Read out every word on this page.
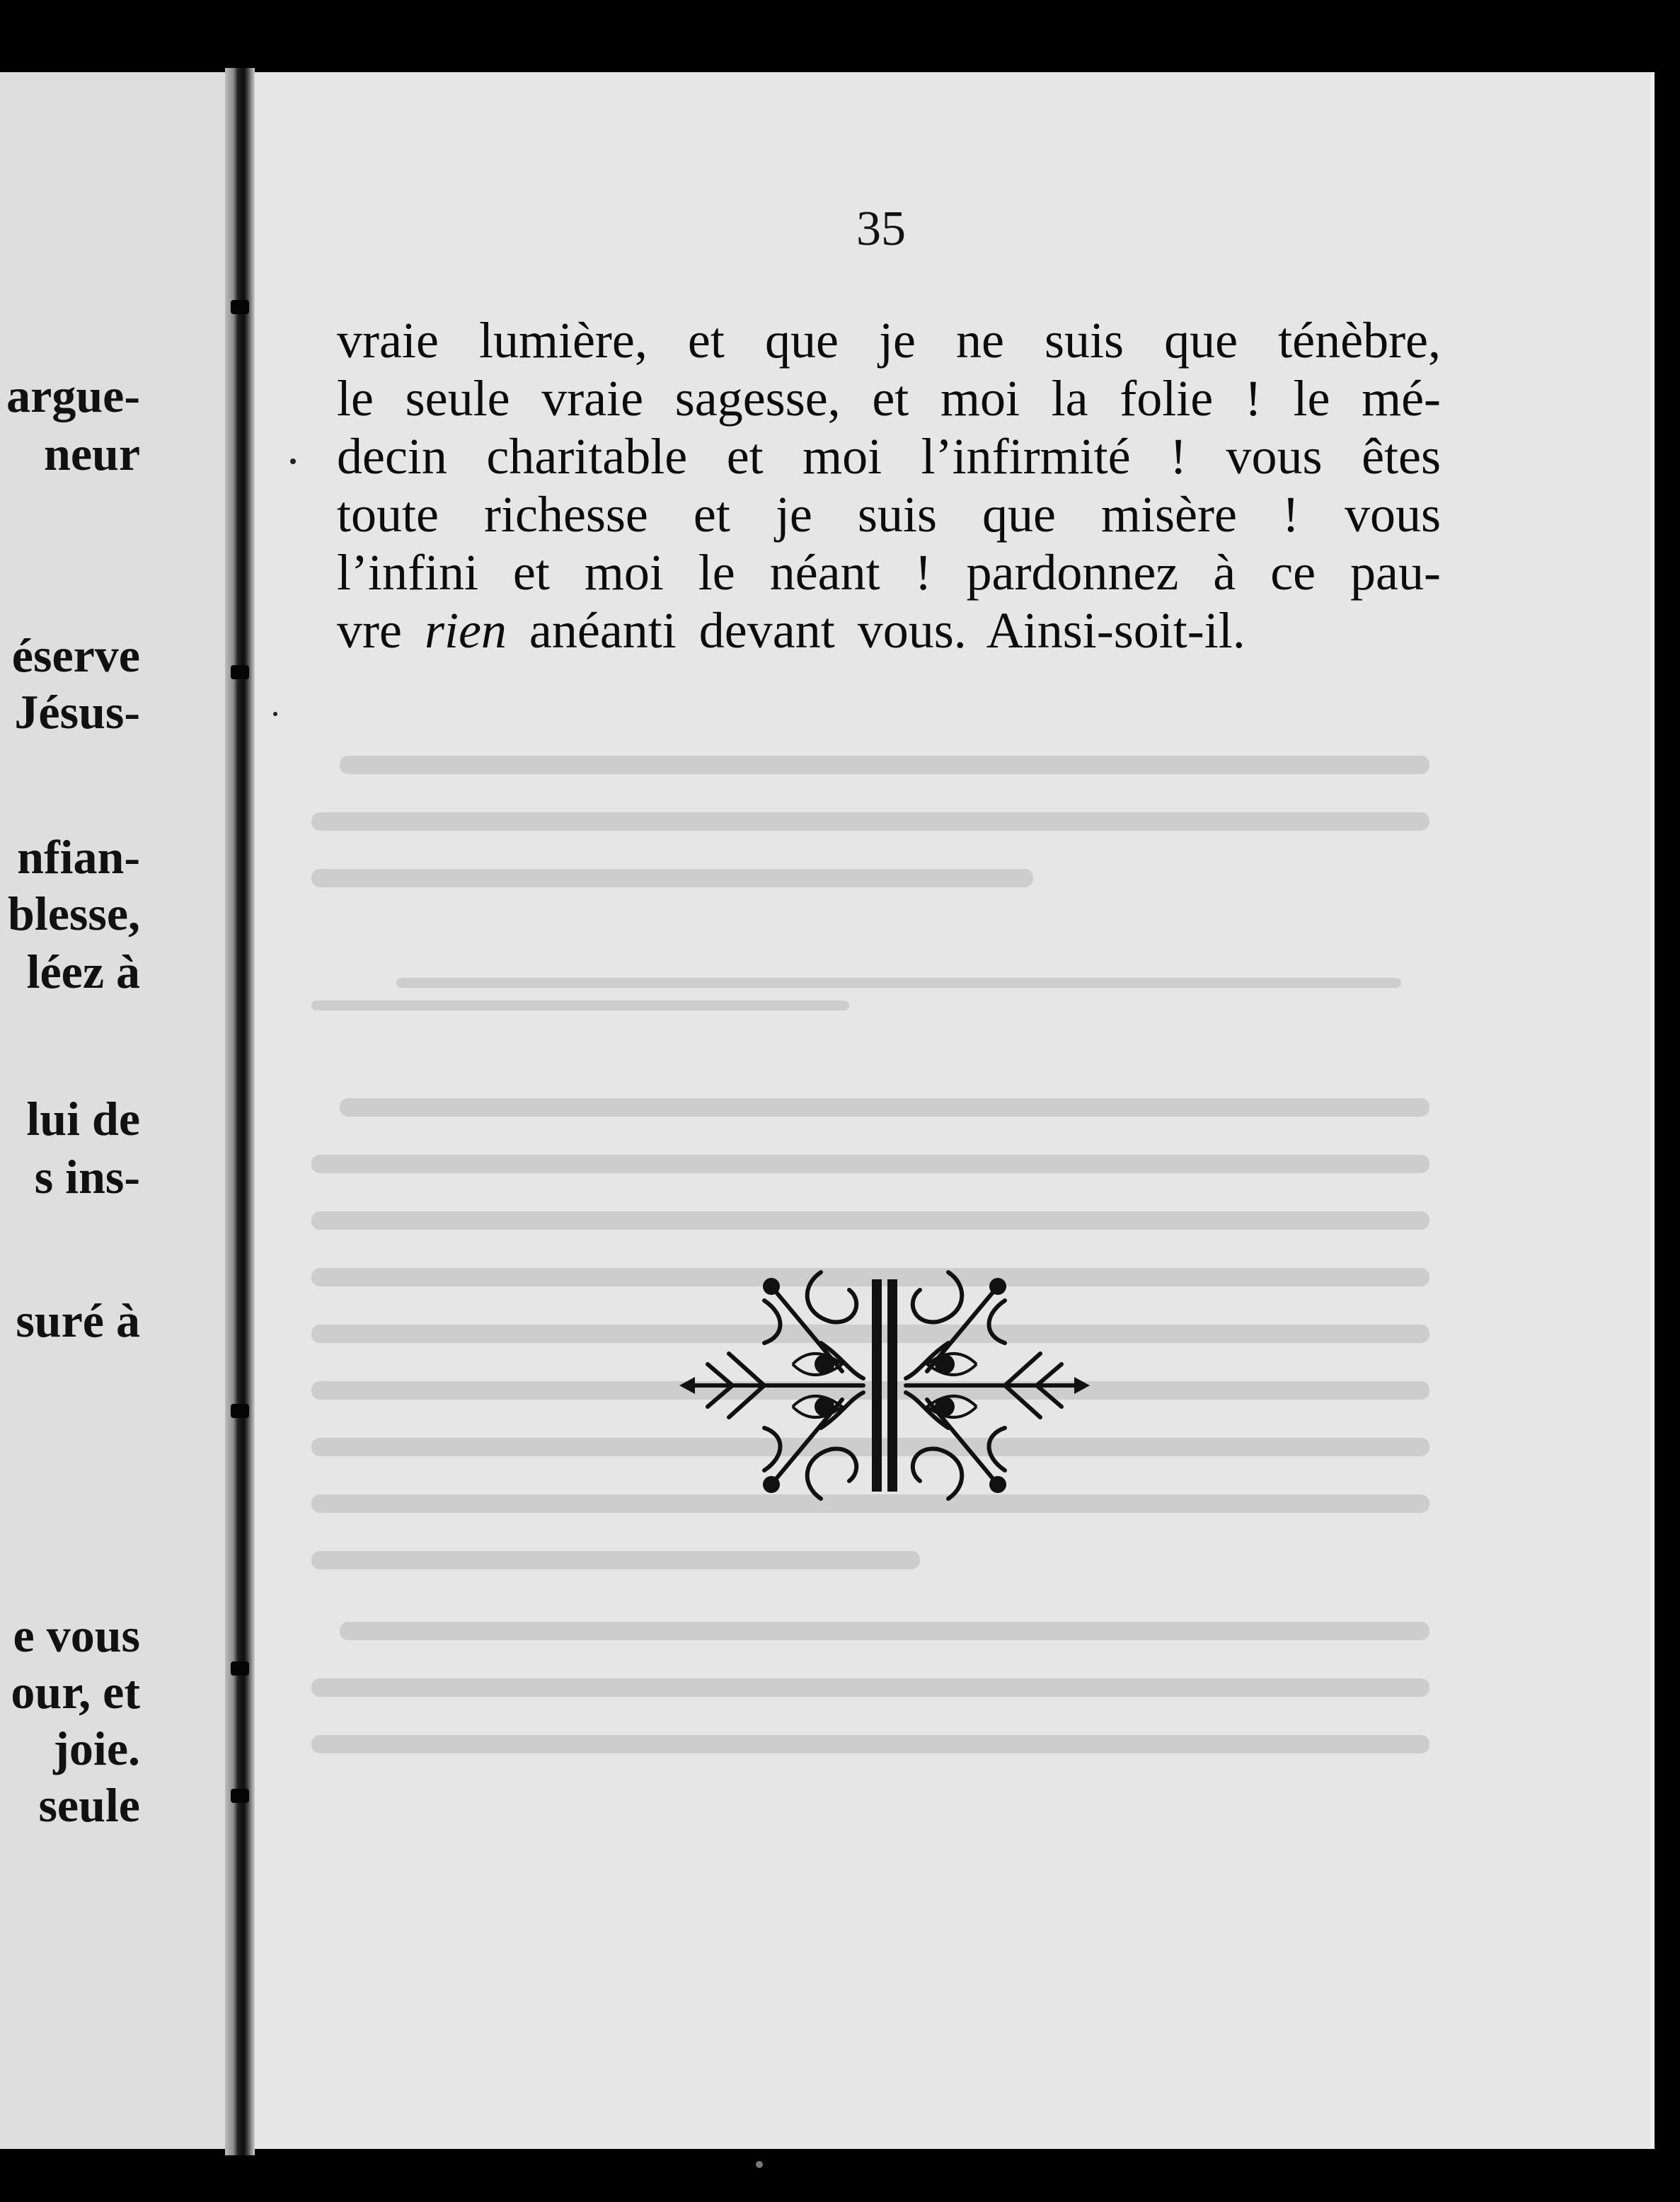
argue-
neur
éserve
Jésus-
nfian-
blesse,
léez à
lui de
s ins-
suré à
e vous
our, et
joie.
seule
35
vraie lumière, et que je ne suis que ténèbre,
le seule vraie sagesse, et moi la folie ! le mé-
decin charitable et moi l’infirmité ! vous êtes
toute richesse et je suis que misère ! vous
l’infini et moi le néant ! pardonnez à ce pau-
vre rien anéanti devant vous. Ainsi-soit-il.
